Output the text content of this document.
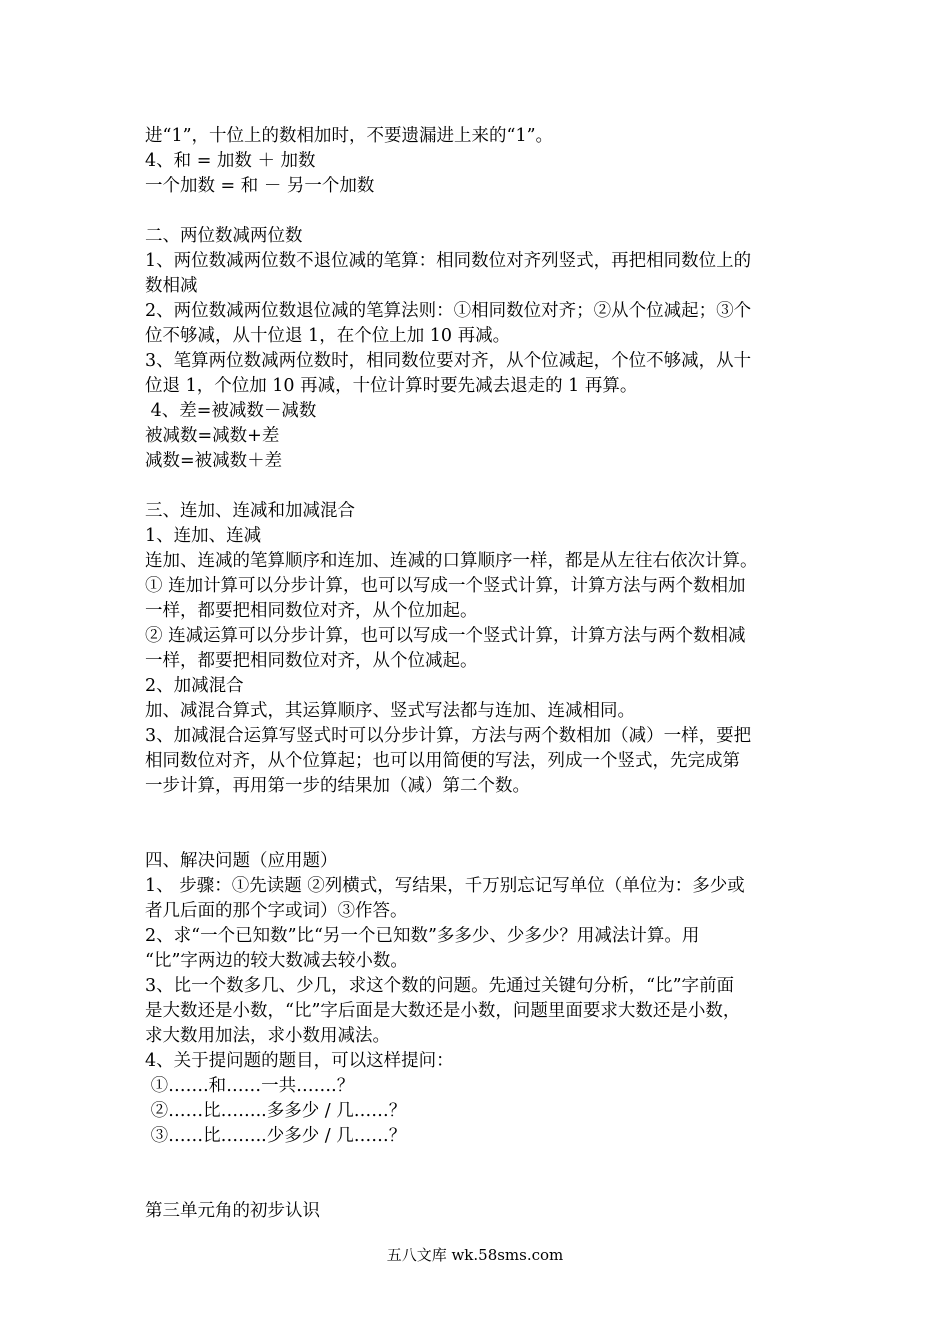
进“1”，十位上的数相加时，不要遗漏进上来的“1”。
4、和 = 加数 ＋ 加数
一个加数 = 和 － 另一个加数
二、两位数减两位数
1、两位数减两位数不退位减的笔算：相同数位对齐列竖式，再把相同数位上的
数相减
2、两位数减两位数退位减的笔算法则：①相同数位对齐；②从个位减起；③个
位不够减，从十位退 1，在个位上加 10 再减。
3、笔算两位数减两位数时，相同数位要对齐，从个位减起，个位不够减，从十
位退 1，个位加 10 再减，十位计算时要先减去退走的 1 再算。
4、差=被减数－减数
被减数=减数+差
减数=被减数＋差
三、连加、连减和加减混合
1、连加、连减
连加、连减的笔算顺序和连加、连减的口算顺序一样，都是从左往右依次计算。
① 连加计算可以分步计算，也可以写成一个竖式计算，计算方法与两个数相加
一样，都要把相同数位对齐，从个位加起。
② 连减运算可以分步计算，也可以写成一个竖式计算，计算方法与两个数相减
一样，都要把相同数位对齐，从个位减起。
2、加减混合
加、减混合算式，其运算顺序、竖式写法都与连加、连减相同。
3、加减混合运算写竖式时可以分步计算，方法与两个数相加（减）一样，要把
相同数位对齐，从个位算起；也可以用简便的写法，列成一个竖式，先完成第
一步计算，再用第一步的结果加（减）第二个数。
四、解决问题（应用题）
1、 步骤：①先读题 ②列横式，写结果，千万别忘记写单位（单位为：多少或
者几后面的那个字或词）③作答。
2、求“一个已知数”比“另一个已知数”多多少、少多少？用减法计算。用
“比”字两边的较大数减去较小数。
3、比一个数多几、少几，求这个数的问题。先通过关键句分析，“比”字前面
是大数还是小数，“比”字后面是大数还是小数，问题里面要求大数还是小数，
求大数用加法，求小数用减法。
4、关于提问题的题目，可以这样提问：
①…….和……一共…….？
②……比……..多多少 / 几……？
③……比……..少多少 / 几……？
第三单元角的初步认识
五八文库 wk.58sms.com
